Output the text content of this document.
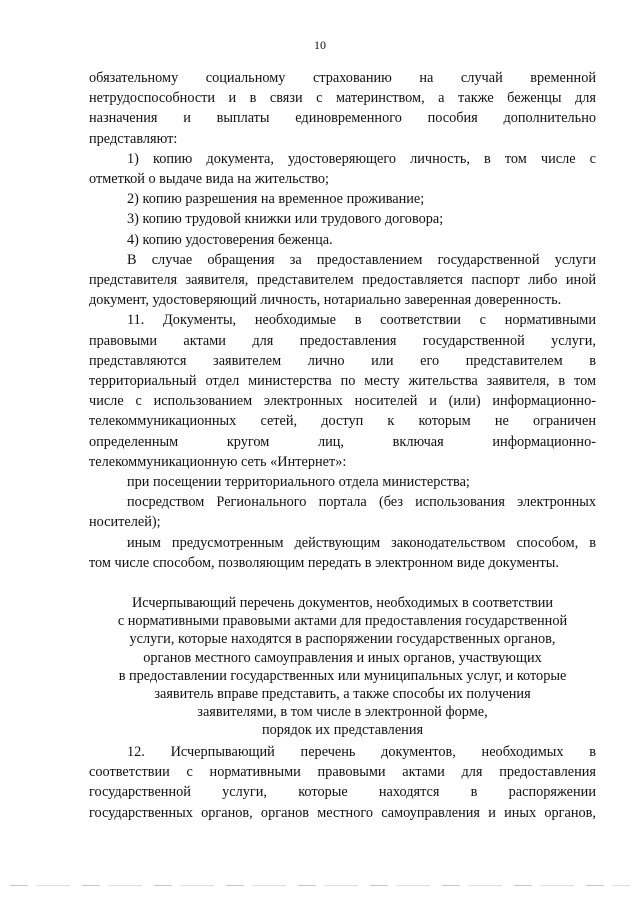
10

обязательному социальному страхованию на случай временной

нетрудоспособности и в связи с материнством, а также беженцы для

назначения и выплаты единовременного пособия дополнительно

представляют:

1) копию документа, удостоверяющего личность, в том числе с

отметкой о выдаче вида на жительство;

2) копию разрешения на временное проживание;

3) копию трудовой книжки или трудового договора;

4) копию удостоверения беженца.

В случае обращения за предоставлением государственной услуги

представителя заявителя, представителем предоставляется паспорт либо иной

документ, удостоверяющий личность, нотариально заверенная доверенность.

11. Документы, необходимые в соответствии с нормативными

правовыми актами для предоставления государственной услуги,

представляются заявителем лично или его представителем в

территориальный отдел министерства по месту жительства заявителя, в том

числе с использованием электронных носителей и (или) информационно-

телекоммуникационных сетей, доступ к которым не ограничен

определенным кругом лиц, включая информационно-

телекоммуникационную сеть «Интернет»:

при посещении территориального отдела министерства;

посредством Регионального портала (без использования электронных

носителей);

иным предусмотренным действующим законодательством способом, в

том числе способом, позволяющим передать в электронном виде документы.

Исчерпывающий перечень документов, необходимых в соответствии
с нормативными правовыми актами для предоставления государственной
услуги, которые находятся в распоряжении государственных органов,
органов местного самоуправления и иных органов, участвующих
в предоставлении государственных или муниципальных услуг, и которые
заявитель вправе представить, а также способы их получения
заявителями, в том числе в электронной форме,
порядок их представления

12. Исчерпывающий перечень документов, необходимых в

соответствии с нормативными правовыми актами для предоставления

государственной услуги, которые находятся в распоряжении

государственных органов, органов местного самоуправления и иных органов,
